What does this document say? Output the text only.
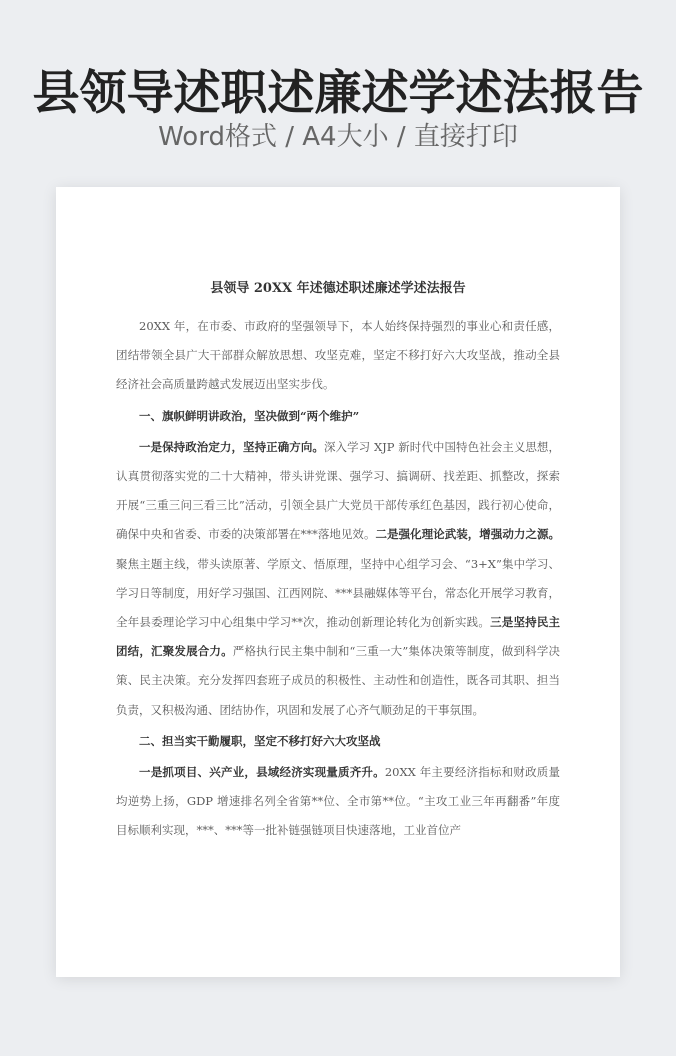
县领导述职述廉述学述法报告
Word格式 / A4大小 / 直接打印
县领导 20XX 年述德述职述廉述学述法报告

20XX 年，在市委、市政府的坚强领导下，本人始终保持强烈的事业心和责任感，团结带领全县广大干部群众解放思想、攻坚克难，坚定不移打好六大攻坚战，推动全县经济社会高质量跨越式发展迈出坚实步伐。

一、旗帜鲜明讲政治，坚决做到“两个维护”

一是保持政治定力，坚持正确方向。深入学习 XJP 新时代中国特色社会主义思想，认真贯彻落实党的二十大精神，带头讲党课、强学习、搞调研、找差距、抓整改，探索开展“三重三问三看三比”活动，引领全县广大党员干部传承红色基因，践行初心使命，确保中央和省委、市委的决策部署在***落地见效。二是强化理论武装，增强动力之源。聚焦主题主线，带头读原著、学原文、悟原理，坚持中心组学习会、“3+X”集中学习、学习日等制度，用好学习强国、江西网院、***县融媒体等平台，常态化开展学习教育，全年县委理论学习中心组集中学习**次，推动创新理论转化为创新实践。三是坚持民主团结，汇聚发展合力。严格执行民主集中制和“三重一大”集体决策等制度，做到科学决策、民主决策。充分发挥四套班子成员的积极性、主动性和创造性，既各司其职、担当负责，又积极沟通、团结协作，巩固和发展了心齐气顺劲足的干事氛围。

二、担当实干勤履职，坚定不移打好六大攻坚战

一是抓项目、兴产业，县域经济实现量质齐升。20XX 年主要经济指标和财政质量均逆势上扬，GDP 增速排名列全省第**位、全市第**位。“主攻工业三年再翻番”年度目标顺利实现，***、***等一批补链强链项目快速落地，工业首位产
